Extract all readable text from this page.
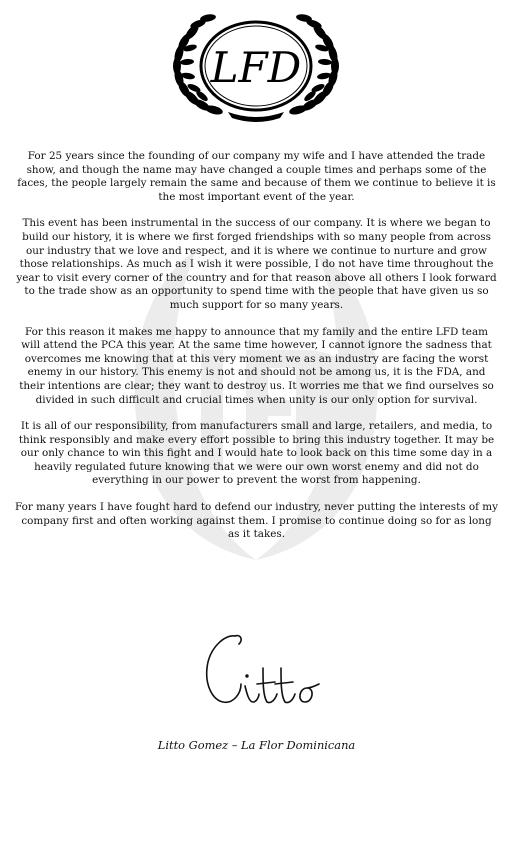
LFD

For 25 years since the founding of our company my wife and I have attended the trade show, and though the name may have changed a couple times and perhaps some of the faces, the people largely remain the same and because of them we continue to believe it is the most important event of the year.

This event has been instrumental in the success of our company. It is where we began to build our history, it is where we first forged friendships with so many people from across our industry that we love and respect, and it is where we continue to nurture and grow those relationships. As much as I wish it were possible, I do not have time throughout the year to visit every corner of the country and for that reason above all others I look forward to the trade show as an opportunity to spend time with the people that have given us so much support for so many years.

For this reason it makes me happy to announce that my family and the entire LFD team will attend the PCA this year. At the same time however, I cannot ignore the sadness that overcomes me knowing that at this very moment we as an industry are facing the worst enemy in our history. This enemy is not and should not be among us, it is the FDA, and their intentions are clear; they want to destroy us. It worries me that we find ourselves so divided in such difficult and crucial times when unity is our only option for survival.

It is all of our responsibility, from manufacturers small and large, retailers, and media, to think responsibly and make every effort possible to bring this industry together. It may be our only chance to win this fight and I would hate to look back on this time some day in a heavily regulated future knowing that we were our own worst enemy and did not do everything in our power to prevent the worst from happening.

For many years I have fought hard to defend our industry, never putting the interests of my company first and often working against them. I promise to continue doing so for as long as it takes.

Litto Gomez – La Flor Dominicana
